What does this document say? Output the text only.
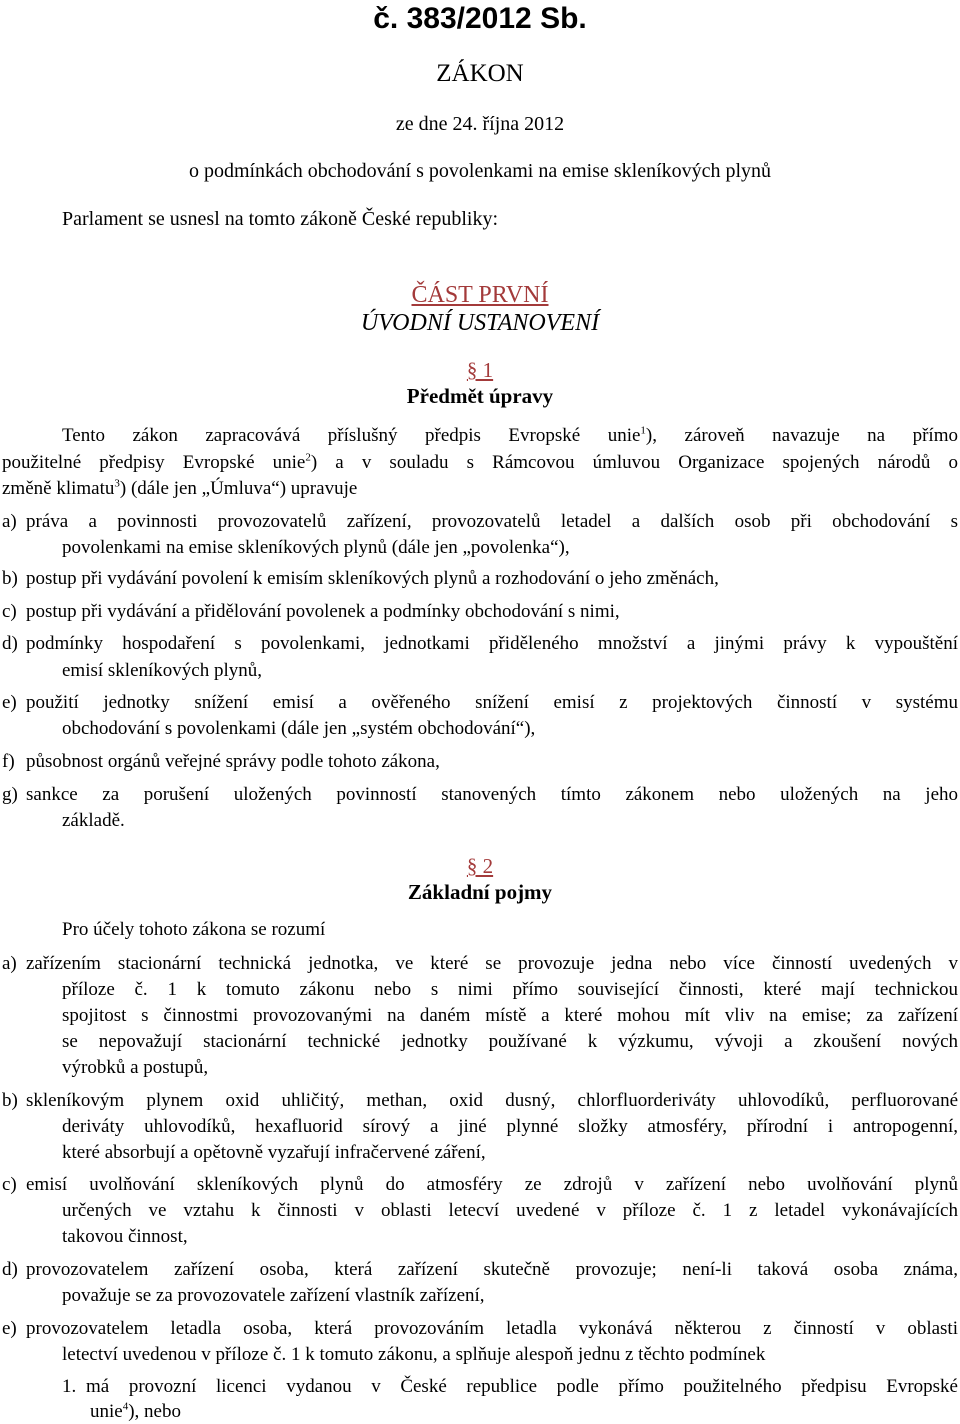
č. 383/2012 Sb.
ZÁKON
ze dne 24. října 2012
o podmínkách obchodování s povolenkami na emise skleníkových plynů
Parlament se usnesl na tomto zákoně České republiky:
ČÁST PRVNÍ
ÚVODNÍ USTANOVENÍ
§ 1
Předmět úpravy
Tento zákon zapracovává příslušný předpis Evropské unie$^1$), zároveň navazuje na přímo
použitelné předpisy Evropské unie$^2$) a v souladu s Rámcovou úmluvou Organizace spojených národů o
změně klimatu$^3$) (dále jen „Úmluva“) upravuje
a) práva a povinnosti provozovatelů zařízení, provozovatelů letadel a dalších osob při obchodování s
povolenkami na emise skleníkových plynů (dále jen „povolenka“),
b) postup při vydávání povolení k emisím skleníkových plynů a rozhodování o jeho změnách,
c) postup při vydávání a přidělování povolenek a podmínky obchodování s nimi,
d) podmínky hospodaření s povolenkami, jednotkami přiděleného množství a jinými právy k vypouštění
emisí skleníkových plynů,
e) použití jednotky snížení emisí a ověřeného snížení emisí z projektových činností v systému
obchodování s povolenkami (dále jen „systém obchodování“),
f) působnost orgánů veřejné správy podle tohoto zákona,
g) sankce za porušení uložených povinností stanovených tímto zákonem nebo uložených na jeho
základě.
§ 2
Základní pojmy
Pro účely tohoto zákona se rozumí
a) zařízením stacionární technická jednotka, ve které se provozuje jedna nebo více činností uvedených v
příloze č. 1 k tomuto zákonu nebo s nimi přímo související činnosti, které mají technickou
spojitost s činnostmi provozovanými na daném místě a které mohou mít vliv na emise; za zařízení
se nepovažují stacionární technické jednotky používané k výzkumu, vývoji a zkoušení nových
výrobků a postupů,
b) skleníkovým plynem oxid uhličitý, methan, oxid dusný, chlorfluorderiváty uhlovodíků, perfluorované
deriváty uhlovodíků, hexafluorid sírový a jiné plynné složky atmosféry, přírodní i antropogenní,
které absorbují a opětovně vyzařují infračervené záření,
c) emisí uvolňování skleníkových plynů do atmosféry ze zdrojů v zařízení nebo uvolňování plynů
určených ve vztahu k činnosti v oblasti letecví uvedené v příloze č. 1 z letadel vykonávajících
takovou činnost,
d) provozovatelem zařízení osoba, která zařízení skutečně provozuje; není-li taková osoba známa,
považuje se za provozovatele zařízení vlastník zařízení,
e) provozovatelem letadla osoba, která provozováním letadla vykonává některou z činností v oblasti
letectví uvedenou v příloze č. 1 k tomuto zákonu, a splňuje alespoň jednu z těchto podmínek
1. má provozní licenci vydanou v České republice podle přímo použitelného předpisu Evropské
unie$^4$), nebo
